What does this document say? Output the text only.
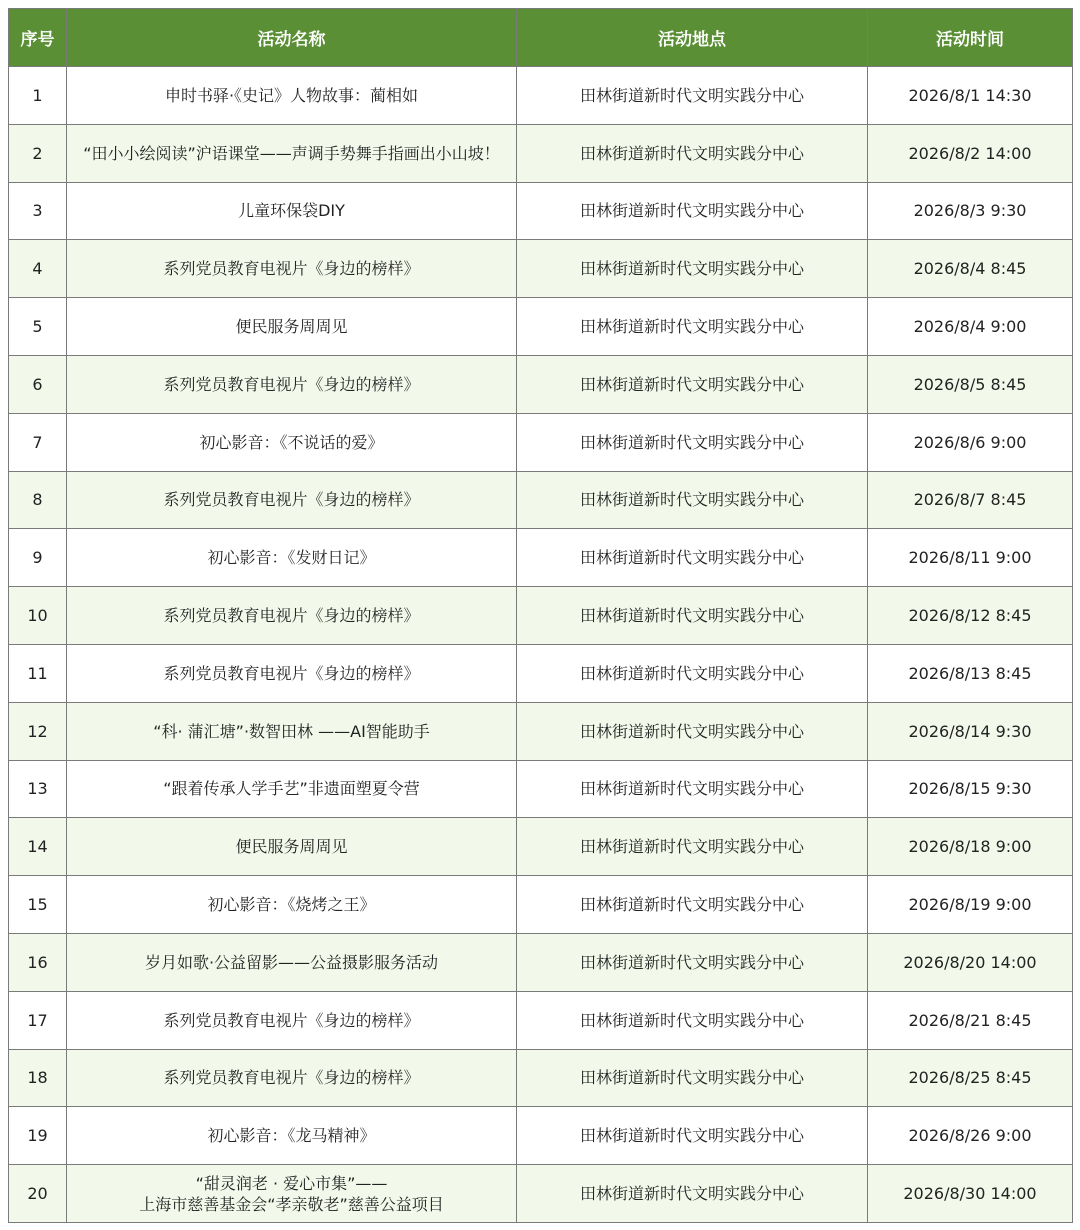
序号	活动名称	活动地点	活动时间
1	申时书驿·《史记》人物故事：蔺相如	田林街道新时代文明实践分中心	2026/8/1 14:30
2	“田小小绘阅读”沪语课堂——声调手势舞手指画出小山坡！	田林街道新时代文明实践分中心	2026/8/2 14:00
3	儿童环保袋DIY	田林街道新时代文明实践分中心	2026/8/3 9:30
4	系列党员教育电视片《身边的榜样》	田林街道新时代文明实践分中心	2026/8/4 8:45
5	便民服务周周见	田林街道新时代文明实践分中心	2026/8/4 9:00
6	系列党员教育电视片《身边的榜样》	田林街道新时代文明实践分中心	2026/8/5 8:45
7	初心影音：《不说话的爱》	田林街道新时代文明实践分中心	2026/8/6 9:00
8	系列党员教育电视片《身边的榜样》	田林街道新时代文明实践分中心	2026/8/7 8:45
9	初心影音：《发财日记》	田林街道新时代文明实践分中心	2026/8/11 9:00
10	系列党员教育电视片《身边的榜样》	田林街道新时代文明实践分中心	2026/8/12 8:45
11	系列党员教育电视片《身边的榜样》	田林街道新时代文明实践分中心	2026/8/13 8:45
12	“科· 蒲汇塘”·数智田林 ——AI智能助手	田林街道新时代文明实践分中心	2026/8/14 9:30
13	“跟着传承人学手艺”非遗面塑夏令营	田林街道新时代文明实践分中心	2026/8/15 9:30
14	便民服务周周见	田林街道新时代文明实践分中心	2026/8/18 9:00
15	初心影音：《烧烤之王》	田林街道新时代文明实践分中心	2026/8/19 9:00
16	岁月如歌·公益留影——公益摄影服务活动	田林街道新时代文明实践分中心	2026/8/20 14:00
17	系列党员教育电视片《身边的榜样》	田林街道新时代文明实践分中心	2026/8/21 8:45
18	系列党员教育电视片《身边的榜样》	田林街道新时代文明实践分中心	2026/8/25 8:45
19	初心影音：《龙马精神》	田林街道新时代文明实践分中心	2026/8/26 9:00
20	“甜灵润老 · 爱心市集”——
上海市慈善基金会“孝亲敬老”慈善公益项目	田林街道新时代文明实践分中心	2026/8/30 14:00
